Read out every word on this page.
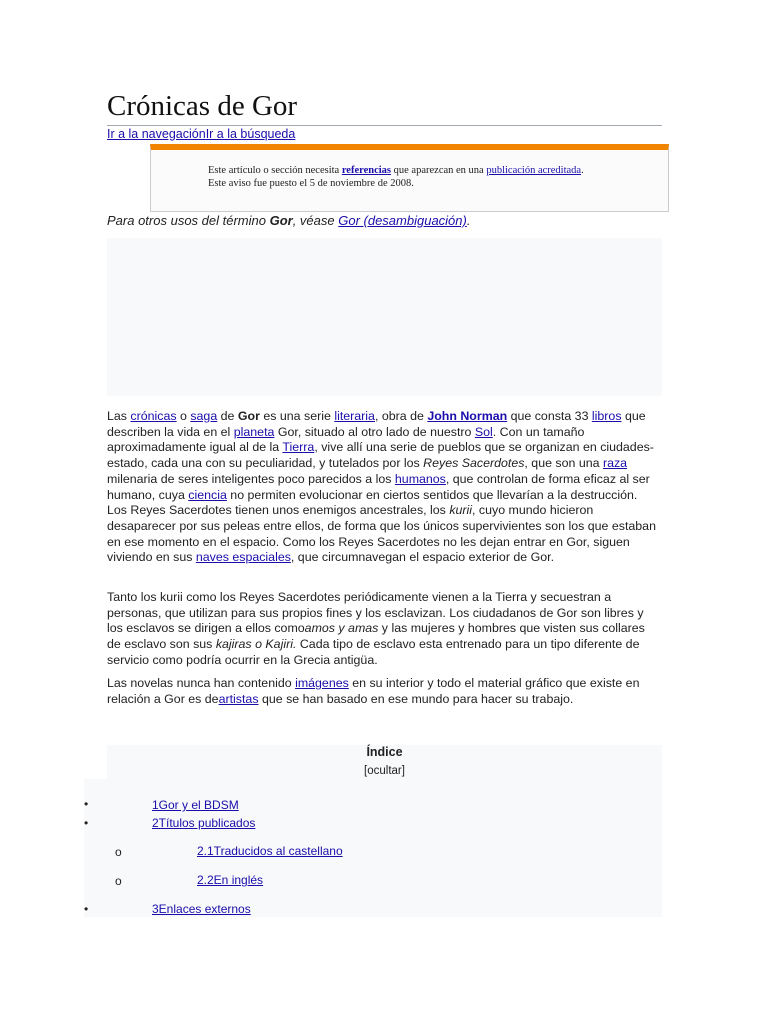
Crónicas de Gor
Ir a la navegaciónIr a la búsqueda
Este artículo o sección necesita referencias que aparezcan en una publicación acreditada.
Este aviso fue puesto el 5 de noviembre de 2008.
Para otros usos del término Gor, véase Gor (desambiguación).
Las crónicas o saga de Gor es una serie literaria, obra de John Norman que consta 33 libros que describen la vida en el planeta Gor, situado al otro lado de nuestro Sol. Con un tamaño aproximadamente igual al de la Tierra, vive allí una serie de pueblos que se organizan en ciudades-estado, cada una con su peculiaridad, y tutelados por los Reyes Sacerdotes, que son una raza milenaria de seres inteligentes poco parecidos a los humanos, que controlan de forma eficaz al ser humano, cuya ciencia no permiten evolucionar en ciertos sentidos que llevarían a la destrucción. Los Reyes Sacerdotes tienen unos enemigos ancestrales, los kurii, cuyo mundo hicieron desaparecer por sus peleas entre ellos, de forma que los únicos supervivientes son los que estaban en ese momento en el espacio. Como los Reyes Sacerdotes no les dejan entrar en Gor, siguen viviendo en sus naves espaciales, que circumnavegan el espacio exterior de Gor.
Tanto los kurii como los Reyes Sacerdotes periódicamente vienen a la Tierra y secuestran a personas, que utilizan para sus propios fines y los esclavizan. Los ciudadanos de Gor son libres y los esclavos se dirigen a ellos comoamos y amas y las mujeres y hombres que visten sus collares de esclavo son sus kajiras o Kajiri. Cada tipo de esclavo esta entrenado para un tipo diferente de servicio como podría ocurrir en la Grecia antigüa.
Las novelas nunca han contenido imágenes en su interior y todo el material gráfico que existe en relación a Gor es deartistas que se han basado en ese mundo para hacer su trabajo.
Índice
[ocultar]
•	1Gor y el BDSM
•	2Títulos publicados
o	2.1Traducidos al castellano
o	2.2En inglés
•	3Enlaces externos
